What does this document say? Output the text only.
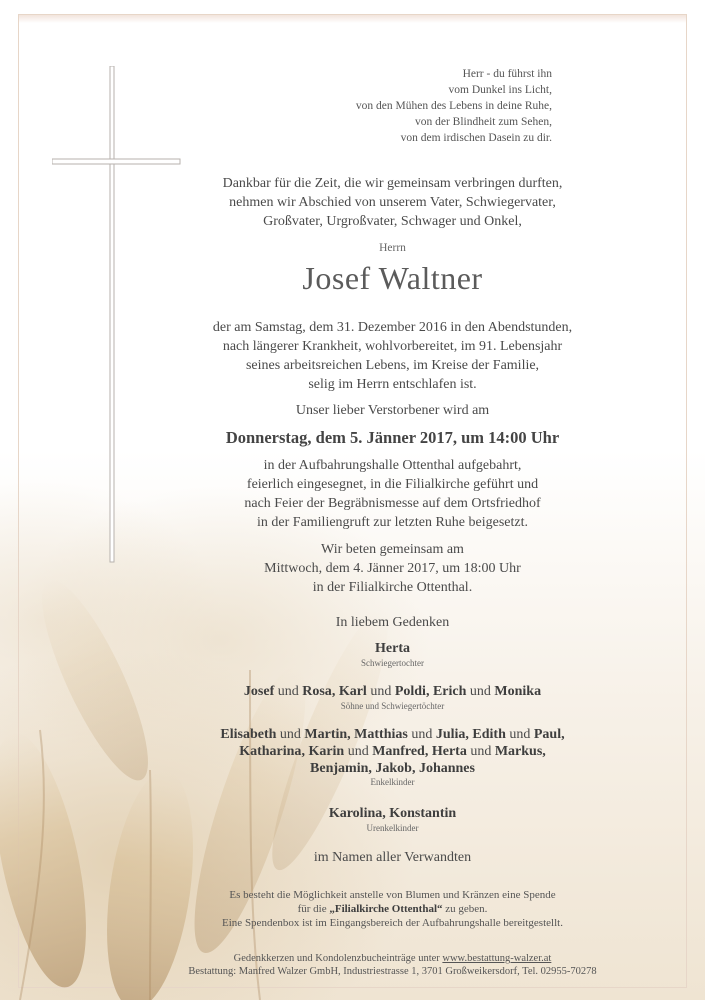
Herr - du führst ihn
vom Dunkel ins Licht,
von den Mühen des Lebens in deine Ruhe,
von der Blindheit zum Sehen,
von dem irdischen Dasein zu dir.
Dankbar für die Zeit, die wir gemeinsam verbringen durften,
nehmen wir Abschied von unserem Vater, Schwiegervater,
Großvater, Urgroßvater, Schwager und Onkel,
Herrn
Josef Waltner
der am Samstag, dem 31. Dezember 2016 in den Abendstunden,
nach längerer Krankheit, wohlvorbereitet, im 91. Lebensjahr
seines arbeitsreichen Lebens, im Kreise der Familie,
selig im Herrn entschlafen ist.
Unser lieber Verstorbener wird am
Donnerstag, dem 5. Jänner 2017, um 14:00 Uhr
in der Aufbahrungshalle Ottenthal aufgebahrt,
feierlich eingesegnet, in die Filialkirche geführt und
nach Feier der Begräbnismesse auf dem Ortsfriedhof
in der Familiengruft zur letzten Ruhe beigesetzt.
Wir beten gemeinsam am
Mittwoch, dem 4. Jänner 2017, um 18:00 Uhr
in der Filialkirche Ottenthal.
In liebem Gedenken
Herta
Schwiegertochter
Josef und Rosa, Karl und Poldi, Erich und Monika
Söhne und Schwiegertöchter
Elisabeth und Martin, Matthias und Julia, Edith und Paul,
Katharina, Karin und Manfred, Herta und Markus,
Benjamin, Jakob, Johannes
Enkelkinder
Karolina, Konstantin
Urenkelkinder
im Namen aller Verwandten
Es besteht die Möglichkeit anstelle von Blumen und Kränzen eine Spende
für die „Filialkirche Ottenthal“ zu geben.
Eine Spendenbox ist im Eingangsbereich der Aufbahrungshalle bereitgestellt.
Gedenkkerzen und Kondolenzbucheinträge unter www.bestattung-walzer.at
Bestattung: Manfred Walzer GmbH, Industriestrasse 1, 3701 Großweikersdorf, Tel. 02955-70278
